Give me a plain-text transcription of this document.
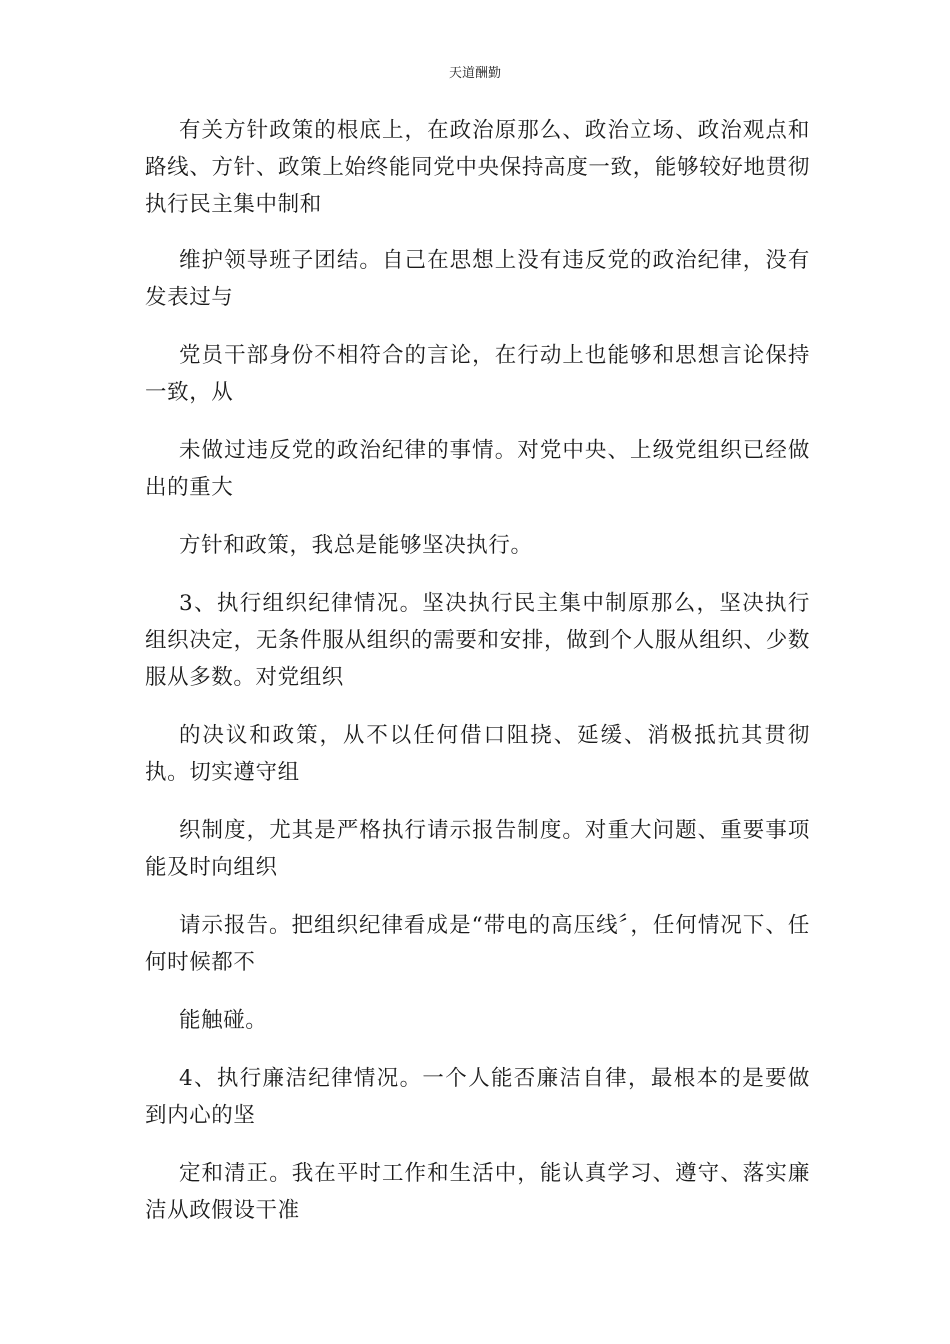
天道酬勤

有关方针政策的根底上，在政治原那么、政治立场、政治观点和路线、方针、政策上始终能同党中央保持高度一致，能够较好地贯彻执行民主集中制和

维护领导班子团结。自己在思想上没有违反党的政治纪律，没有发表过与

党员干部身份不相符合的言论，在行动上也能够和思想言论保持一致，从

未做过违反党的政治纪律的事情。对党中央、上级党组织已经做出的重大

方针和政策，我总是能够坚决执行。

3、执行组织纪律情况。坚决执行民主集中制原那么，坚决执行组织决定，无条件服从组织的需要和安排，做到个人服从组织、少数服从多数。对党组织

的决议和政策，从不以任何借口阻挠、延缓、消极抵抗其贯彻执。切实遵守组

织制度，尤其是严格执行请示报告制度。对重大问题、重要事项能及时向组织

请示报告。把组织纪律看成是“带电的高压线〞，任何情况下、任何时候都不

能触碰。

4、执行廉洁纪律情况。一个人能否廉洁自律，最根本的是要做到内心的坚

定和清正。我在平时工作和生活中，能认真学习、遵守、落实廉洁从政假设干准
